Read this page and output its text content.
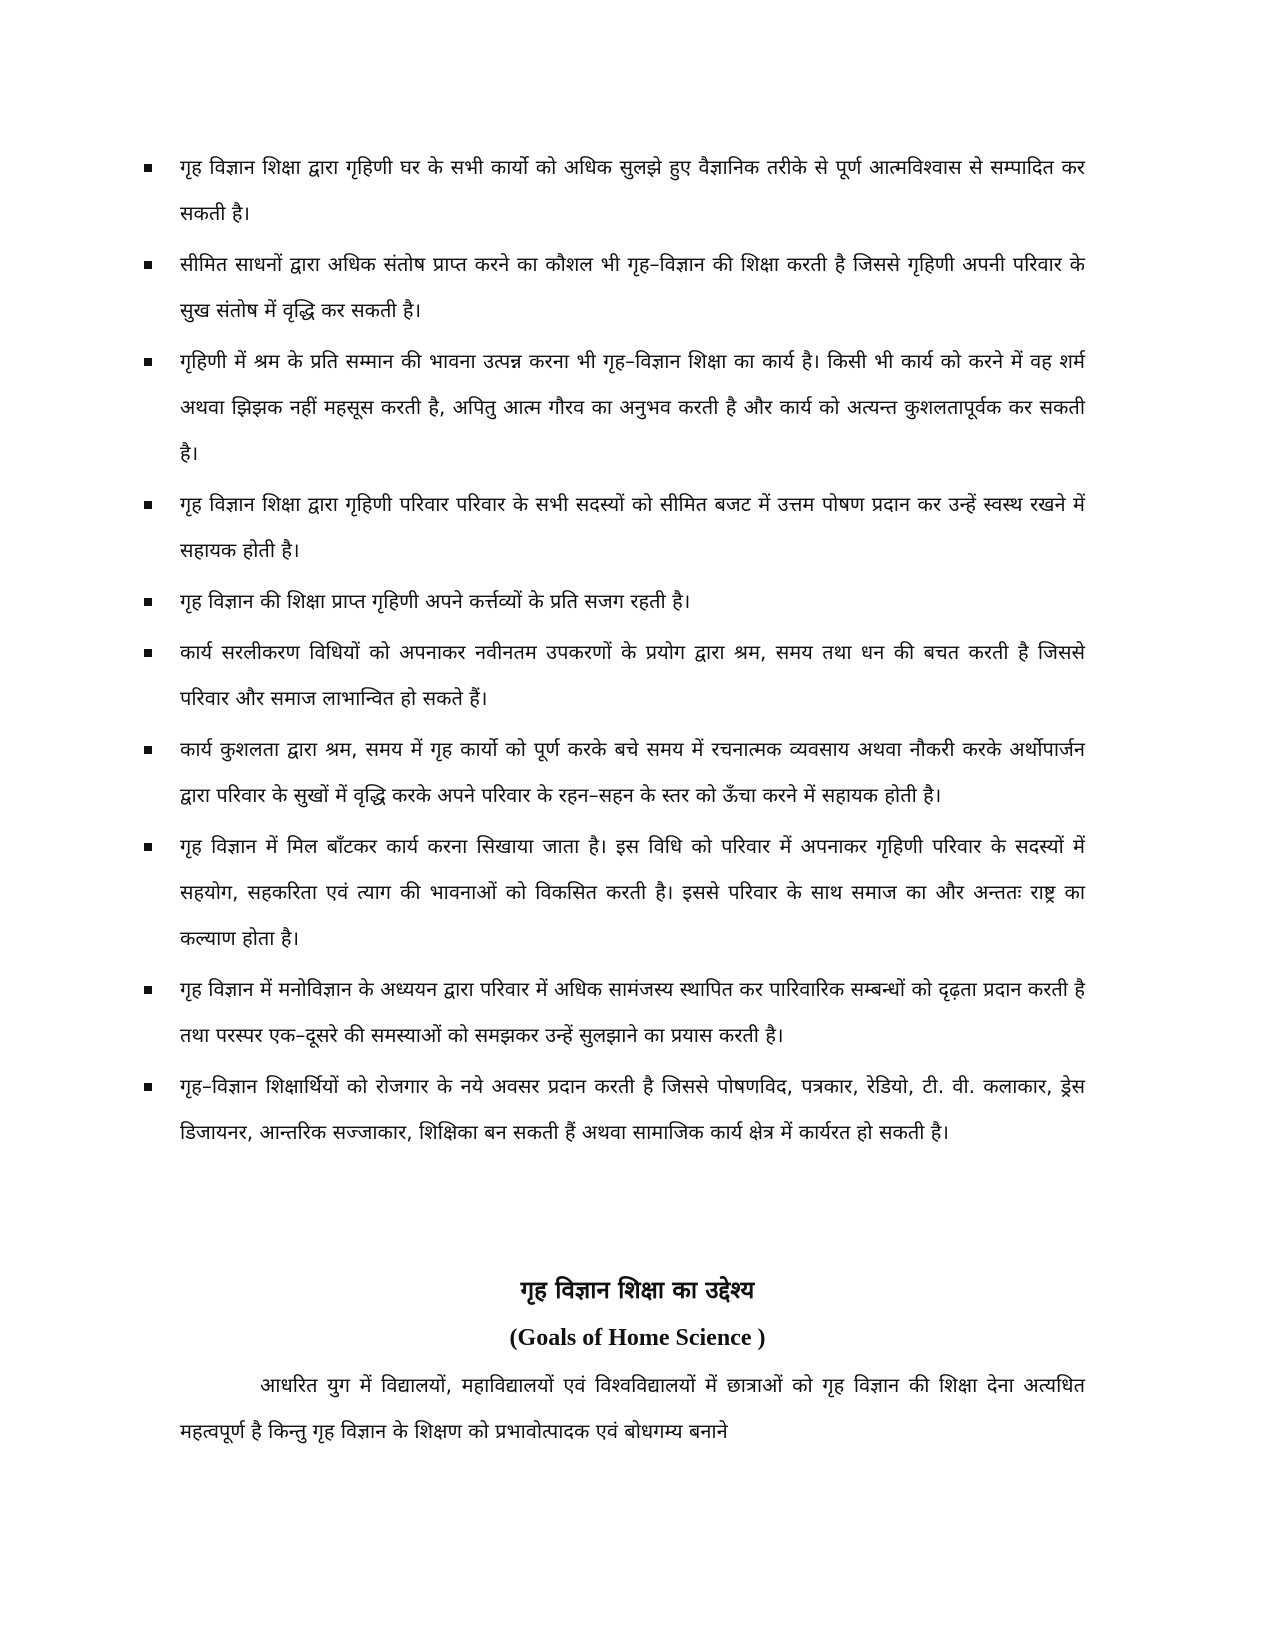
गृह विज्ञान शिक्षा द्वारा गृहिणी घर के सभी कार्यो को अधिक सुलझे हुए वैज्ञानिक तरीके से पूर्ण आत्मविश्वास से सम्पादित कर सकती है।
सीमित साधनों द्वारा अधिक संतोष प्राप्त करने का कौशल भी गृह–विज्ञान की शिक्षा करती है जिससे गृहिणी अपनी परिवार के सुख संतोष में वृद्धि कर सकती है।
गृहिणी में श्रम के प्रति सम्मान की भावना उत्पन्न करना भी गृह–विज्ञान शिक्षा का कार्य है। किसी भी कार्य को करने में वह शर्म अथवा झिझक नहीं महसूस करती है, अपितु आत्म गौरव का अनुभव करती है और कार्य को अत्यन्त कुशलतापूर्वक कर सकती है।
गृह विज्ञान शिक्षा द्वारा गृहिणी परिवार परिवार के सभी सदस्यों को सीमित बजट में उत्तम पोषण प्रदान कर उन्हें स्वस्थ रखने में सहायक होती है।
गृह विज्ञान की शिक्षा प्राप्त गृहिणी अपने कर्त्तव्यों के प्रति सजग रहती है।
कार्य सरलीकरण विधियों को अपनाकर नवीनतम उपकरणों के प्रयोग द्वारा श्रम, समय तथा धन की बचत करती है जिससे परिवार और समाज लाभान्वित हो सकते हैं।
कार्य कुशलता द्वारा श्रम, समय में गृह कार्यो को पूर्ण करके बचे समय में रचनात्मक व्यवसाय अथवा नौकरी करके अर्थोपार्जन द्वारा परिवार के सुखों में वृद्धि करके अपने परिवार के रहन–सहन के स्तर को ऊँचा करने में सहायक होती है।
गृह विज्ञान में मिल बाँटकर कार्य करना सिखाया जाता है। इस विधि को परिवार में अपनाकर गृहिणी परिवार के सदस्यों में सहयोग, सहकरिता एवं त्याग की भावनाओं को विकसित करती है। इससे परिवार के साथ समाज का और अन्ततः राष्ट्र का कल्याण होता है।
गृह विज्ञान में मनोविज्ञान के अध्ययन द्वारा परिवार में अधिक सामंजस्य स्थापित कर पारिवारिक सम्बन्धों को दृढ़ता प्रदान करती है तथा परस्पर एक–दूसरे की समस्याओं को समझकर उन्हें सुलझाने का प्रयास करती है।
गृह–विज्ञान शिक्षार्थियों को रोजगार के नये अवसर प्रदान करती है जिससे पोषणविद, पत्रकार, रेडियो, टी. वी. कलाकार, ड्रेस डिजायनर, आन्तरिक सज्जाकार, शिक्षिका बन सकती हैं अथवा सामाजिक कार्य क्षेत्र में कार्यरत हो सकती है।
गृह विज्ञान शिक्षा का उद्देश्य
(Goals of Home Science )

आधरित युग में विद्यालयों, महाविद्यालयों एवं विश्वविद्यालयों में छात्राओं को गृह विज्ञान की शिक्षा देना अत्यधित महत्वपूर्ण है किन्तु गृह विज्ञान के शिक्षण को प्रभावोत्पादक एवं बोधगम्य बनाने
